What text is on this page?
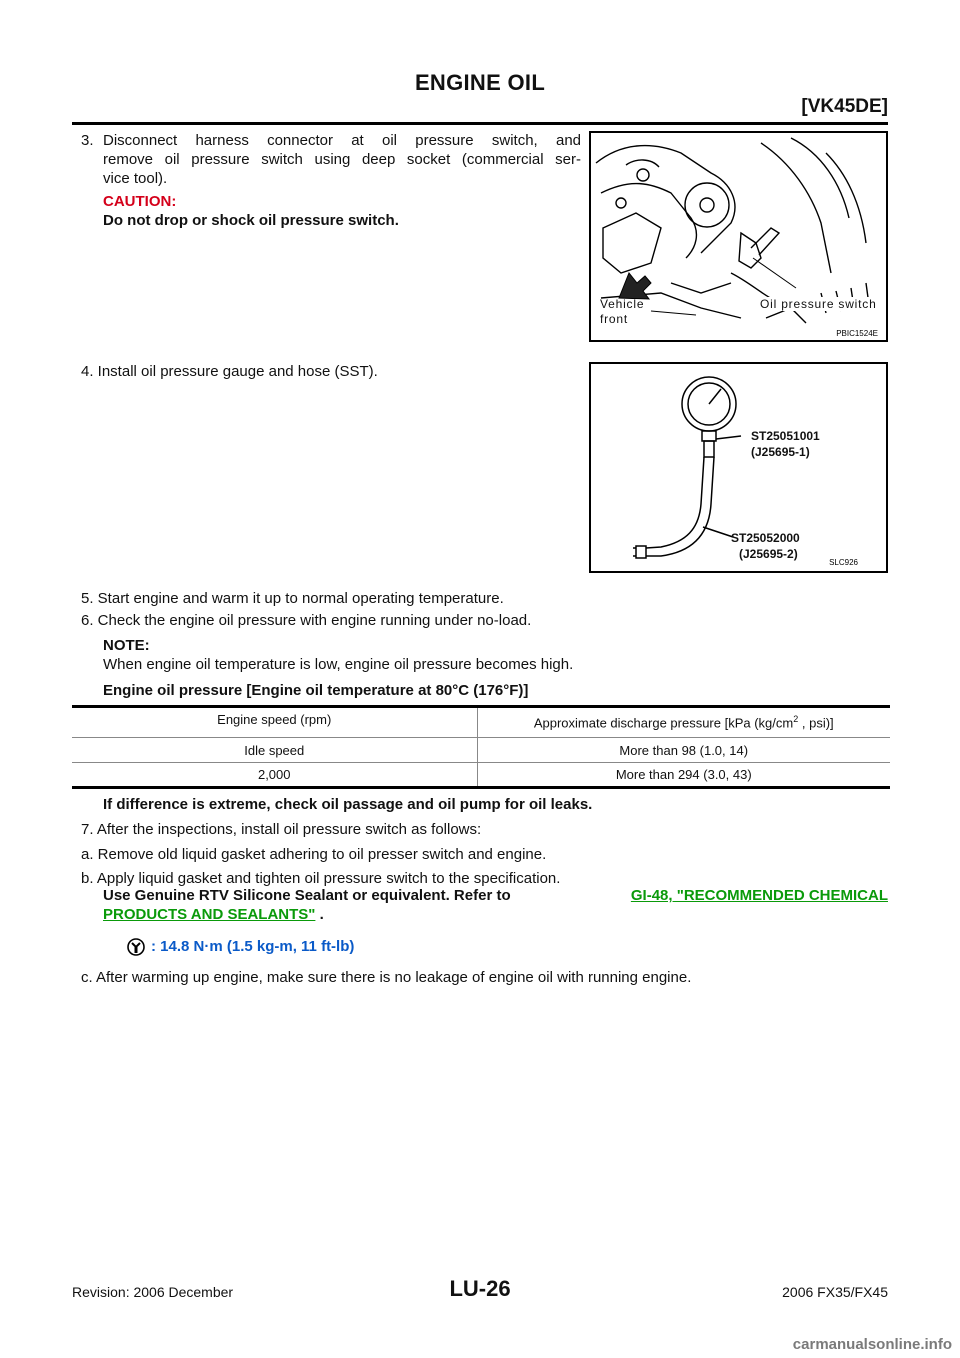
ENGINE OIL
[VK45DE]
3. Disconnect harness connector at oil pressure switch, and
remove oil pressure switch using deep socket (commercial ser-
vice tool).
CAUTION:
Do not drop or shock oil pressure switch.
Vehicle
front
Oil pressure switch
PBIC1524E
4. Install oil pressure gauge and hose (SST).
ST25051001
(J25695-1)
ST25052000
(J25695-2)
SLC926
5. Start engine and warm it up to normal operating temperature.
6. Check the engine oil pressure with engine running under no-load.
NOTE:
When engine oil temperature is low, engine oil pressure becomes high.
Engine oil pressure [Engine oil temperature at 80°C (176°F)]
Engine speed (rpm)	Approximate discharge pressure [kPa ($kg/cm^2$ , psi)]
Idle speed	More than 98 (1.0, 14)
2,000	More than 294 (3.0, 43)
If difference is extreme, check oil passage and oil pump for oil leaks.
7. After the inspections, install oil pressure switch as follows:
a. Remove old liquid gasket adhering to oil presser switch and engine.
b. Apply liquid gasket and tighten oil pressure switch to the specification.
Use Genuine RTV Silicone Sealant or equivalent. Refer to	GI-48, "RECOMMENDED CHEMICAL
PRODUCTS AND SEALANTS" .
: 14.8 N·m (1.5 kg-m, 11 ft-lb)
c. After warming up engine, make sure there is no leakage of engine oil with running engine.
Revision: 2006 December	LU-26	2006 FX35/FX45
carmanualsonline.info
